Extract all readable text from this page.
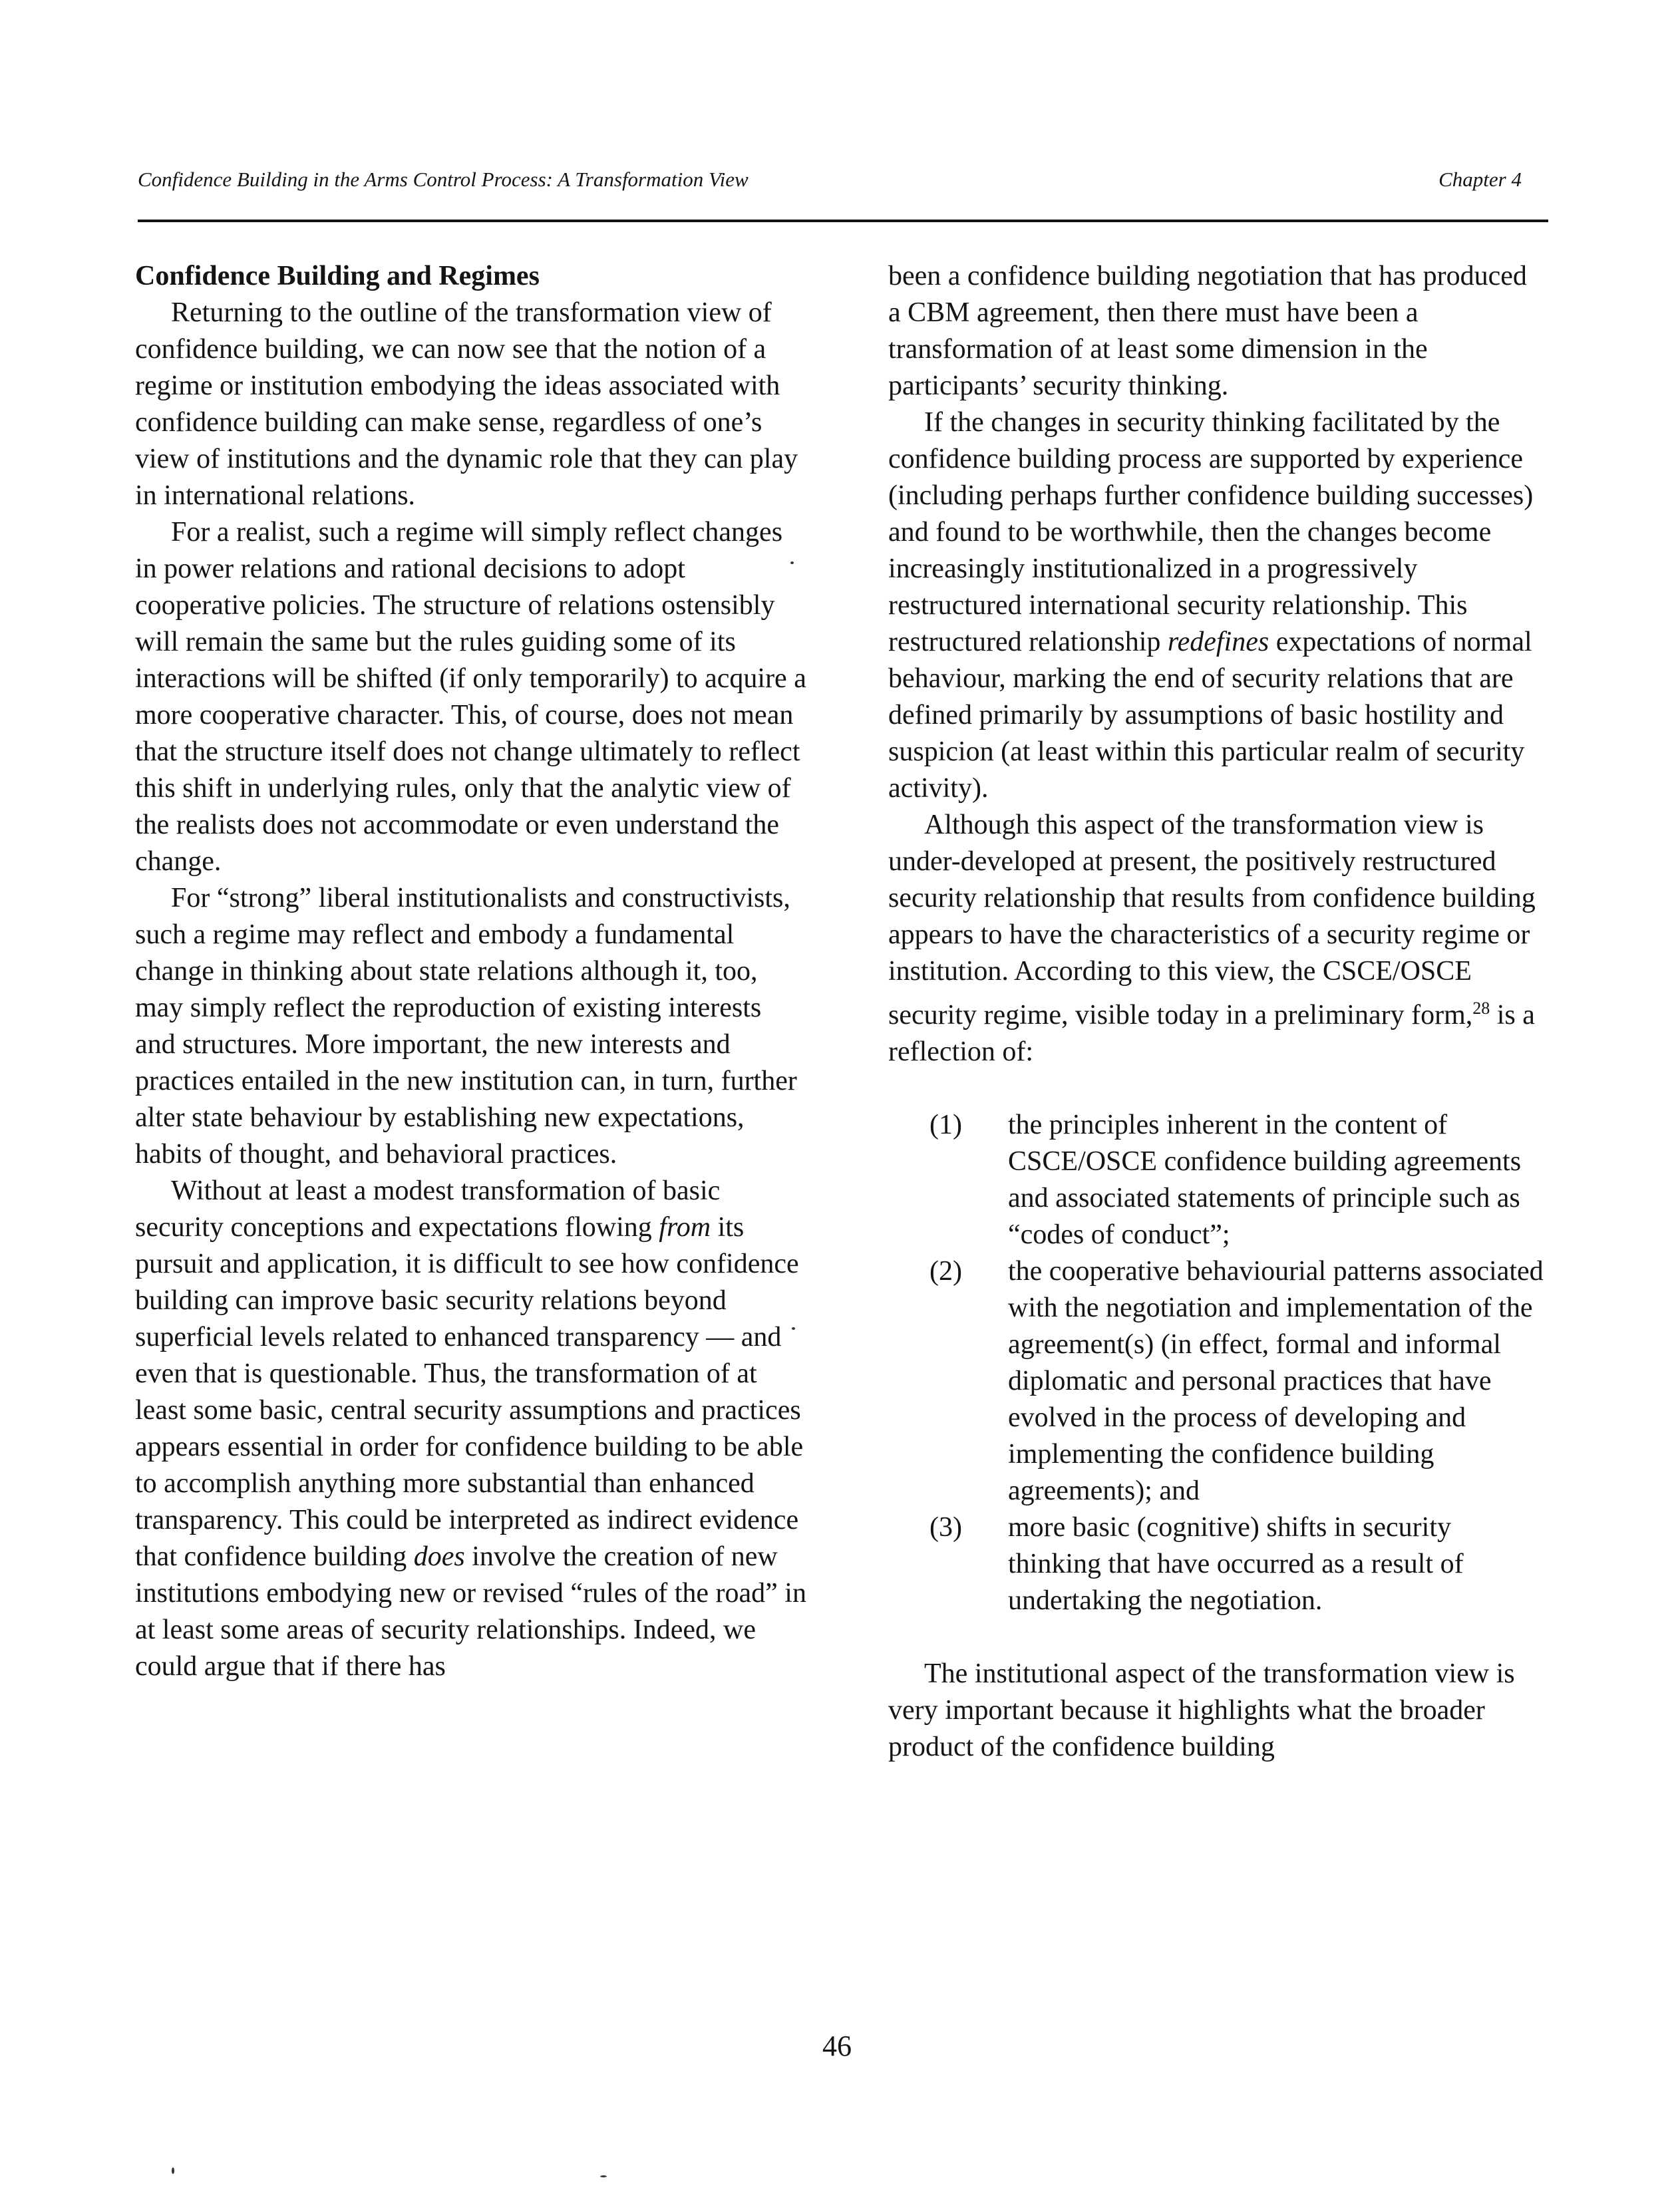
Confidence Building in the Arms Control Process: A Transformation View	Chapter 4
Confidence Building and Regimes

Returning to the outline of the transformation view of confidence building, we can now see that the notion of a regime or institution embodying the ideas associated with confidence building can make sense, regardless of one’s view of institutions and the dynamic role that they can play in international relations.

For a realist, such a regime will simply reflect changes in power relations and rational decisions to adopt cooperative policies. The structure of relations ostensibly will remain the same but the rules guiding some of its interactions will be shifted (if only temporarily) to acquire a more cooperative character. This, of course, does not mean that the structure itself does not change ultimately to reflect this shift in underlying rules, only that the analytic view of the realists does not accommodate or even understand the change.

For “strong” liberal institutionalists and constructivists, such a regime may reflect and embody a fundamental change in thinking about state relations although it, too, may simply reflect the reproduction of existing interests and structures. More important, the new interests and practices entailed in the new institution can, in turn, further alter state behaviour by establishing new expectations, habits of thought, and behavioral practices.

Without at least a modest transformation of basic security conceptions and expectations flowing from its pursuit and application, it is difficult to see how confidence building can improve basic security relations beyond superficial levels related to enhanced transparency — and even that is questionable. Thus, the transformation of at least some basic, central security assumptions and practices appears essential in order for confidence building to be able to accomplish anything more substantial than enhanced transparency. This could be interpreted as indirect evidence that confidence building does involve the creation of new institutions embodying new or revised “rules of the road” in at least some areas of security relationships. Indeed, we could argue that if there has

been a confidence building negotiation that has produced a CBM agreement, then there must have been a transformation of at least some dimension in the participants’ security thinking.

If the changes in security thinking facilitated by the confidence building process are supported by experience (including perhaps further confidence building successes) and found to be worthwhile, then the changes become increasingly institutionalized in a progressively restructured international security relationship. This restructured relationship redefines expectations of normal behaviour, marking the end of security relations that are defined primarily by assumptions of basic hostility and suspicion (at least within this particular realm of security activity).

Although this aspect of the transformation view is under-developed at present, the positively restructured security relationship that results from confidence building appears to have the characteristics of a security regime or institution. According to this view, the CSCE/OSCE security regime, visible today in a preliminary form,$^{28}$ is a reflection of:

(1) the principles inherent in the content of CSCE/OSCE confidence building agreements and associated statements of principle such as “codes of conduct”;
(2) the cooperative behaviourial patterns associated with the negotiation and implementation of the agreement(s) (in effect, formal and informal diplomatic and personal practices that have evolved in the process of developing and implementing the confidence building agreements); and
(3) more basic (cognitive) shifts in security thinking that have occurred as a result of undertaking the negotiation.

The institutional aspect of the transformation view is very important because it highlights what the broader product of the confidence building

46
